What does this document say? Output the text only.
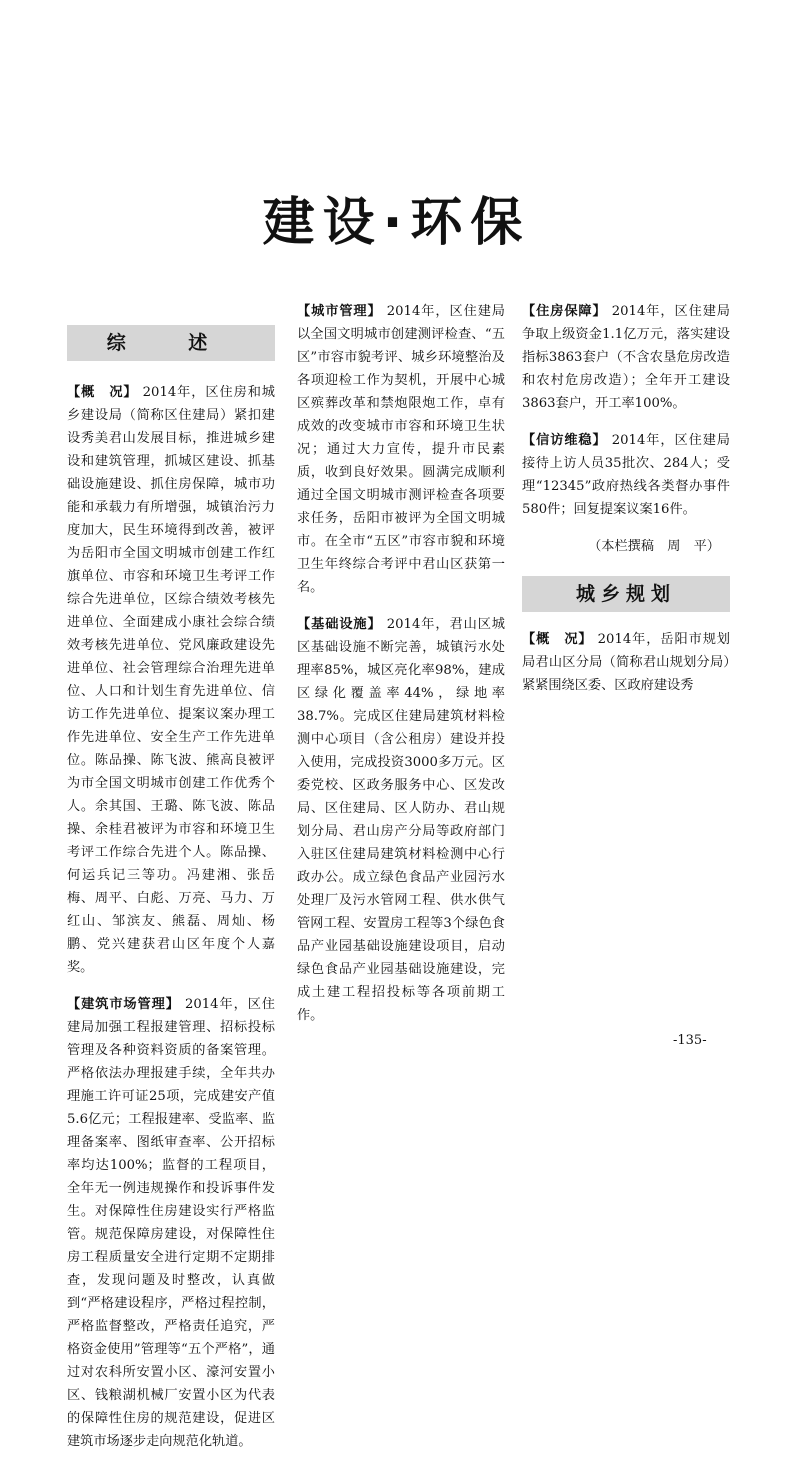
建设·环保
综 述

【概　况】 2014年，区住房和城乡建设局（简称区住建局）紧扣建设秀美君山发展目标，推进城乡建设和建筑管理，抓城区建设、抓基础设施建设、抓住房保障，城市功能和承载力有所增强，城镇治污力度加大，民生环境得到改善，被评为岳阳市全国文明城市创建工作红旗单位、市容和环境卫生考评工作综合先进单位，区综合绩效考核先进单位、全面建成小康社会综合绩效考核先进单位、党风廉政建设先进单位、社会管理综合治理先进单位、人口和计划生育先进单位、信访工作先进单位、提案议案办理工作先进单位、安全生产工作先进单位。陈品操、陈飞波、熊高良被评为市全国文明城市创建工作优秀个人。余其国、王璐、陈飞波、陈品操、余桂君被评为市容和环境卫生考评工作综合先进个人。陈品操、何运兵记三等功。冯建湘、张岳梅、周平、白彪、万亮、马力、万红山、邹滨友、熊磊、周灿、杨鹏、党兴建获君山区年度个人嘉奖。

【建筑市场管理】 2014年，区住建局加强工程报建管理、招标投标管理及各种资料资质的备案管理。严格依法办理报建手续，全年共办理施工许可证25项，完成建安产值5.6亿元；工程报建率、受监率、监理备案率、图纸审查率、公开招标率均达100%；监督的工程项目，全年无一例违规操作和投诉事件发生。对保障性住房建设实行严格监管。规范保障房建设，对保障性住房工程质量安全进行定期不定期排查，发现问题及时整改，认真做到“严格建设程序，严格过程控制，严格监督整改，严格责任追究，严格资金使用”管理等“五个严格”，通过对农科所安置小区、濠河安置小区、钱粮湖机械厂安置小区为代表的保障性住房的规范建设，促进区建筑市场逐步走向规范化轨道。

【城市管理】 2014年，区住建局以全国文明城市创建测评检查、“五区”市容市貌考评、城乡环境整治及各项迎检工作为契机，开展中心城区殡葬改革和禁炮限炮工作，卓有成效的改变城市市容和环境卫生状况；通过大力宣传，提升市民素质，收到良好效果。圆满完成顺利通过全国文明城市测评检查各项要求任务，岳阳市被评为全国文明城市。在全市“五区”市容市貌和环境卫生年终综合考评中君山区获第一名。

【基础设施】 2014年，君山区城区基础设施不断完善，城镇污水处理率85%，城区亮化率98%，建成区绿化覆盖率44%，绿地率38.7%。完成区住建局建筑材料检测中心项目（含公租房）建设并投入使用，完成投资3000多万元。区委党校、区政务服务中心、区发改局、区住建局、区人防办、君山规划分局、君山房产分局等政府部门入驻区住建局建筑材料检测中心行政办公。成立绿色食品产业园污水处理厂及污水管网工程、供水供气管网工程、安置房工程等3个绿色食品产业园基础设施建设项目，启动绿色食品产业园基础设施建设，完成土建工程招投标等各项前期工作。

【住房保障】 2014年，区住建局争取上级资金1.1亿万元，落实建设指标3863套户（不含农垦危房改造和农村危房改造）；全年开工建设3863套户，开工率100%。

【信访维稳】 2014年，区住建局接待上访人员35批次、284人；受理“12345”政府热线各类督办事件580件；回复提案议案16件。

（本栏撰稿　周　平）

城乡规划

【概　况】 2014年，岳阳市规划局君山区分局（简称君山规划分局）紧紧围绕区委、区政府建设秀

-135-
